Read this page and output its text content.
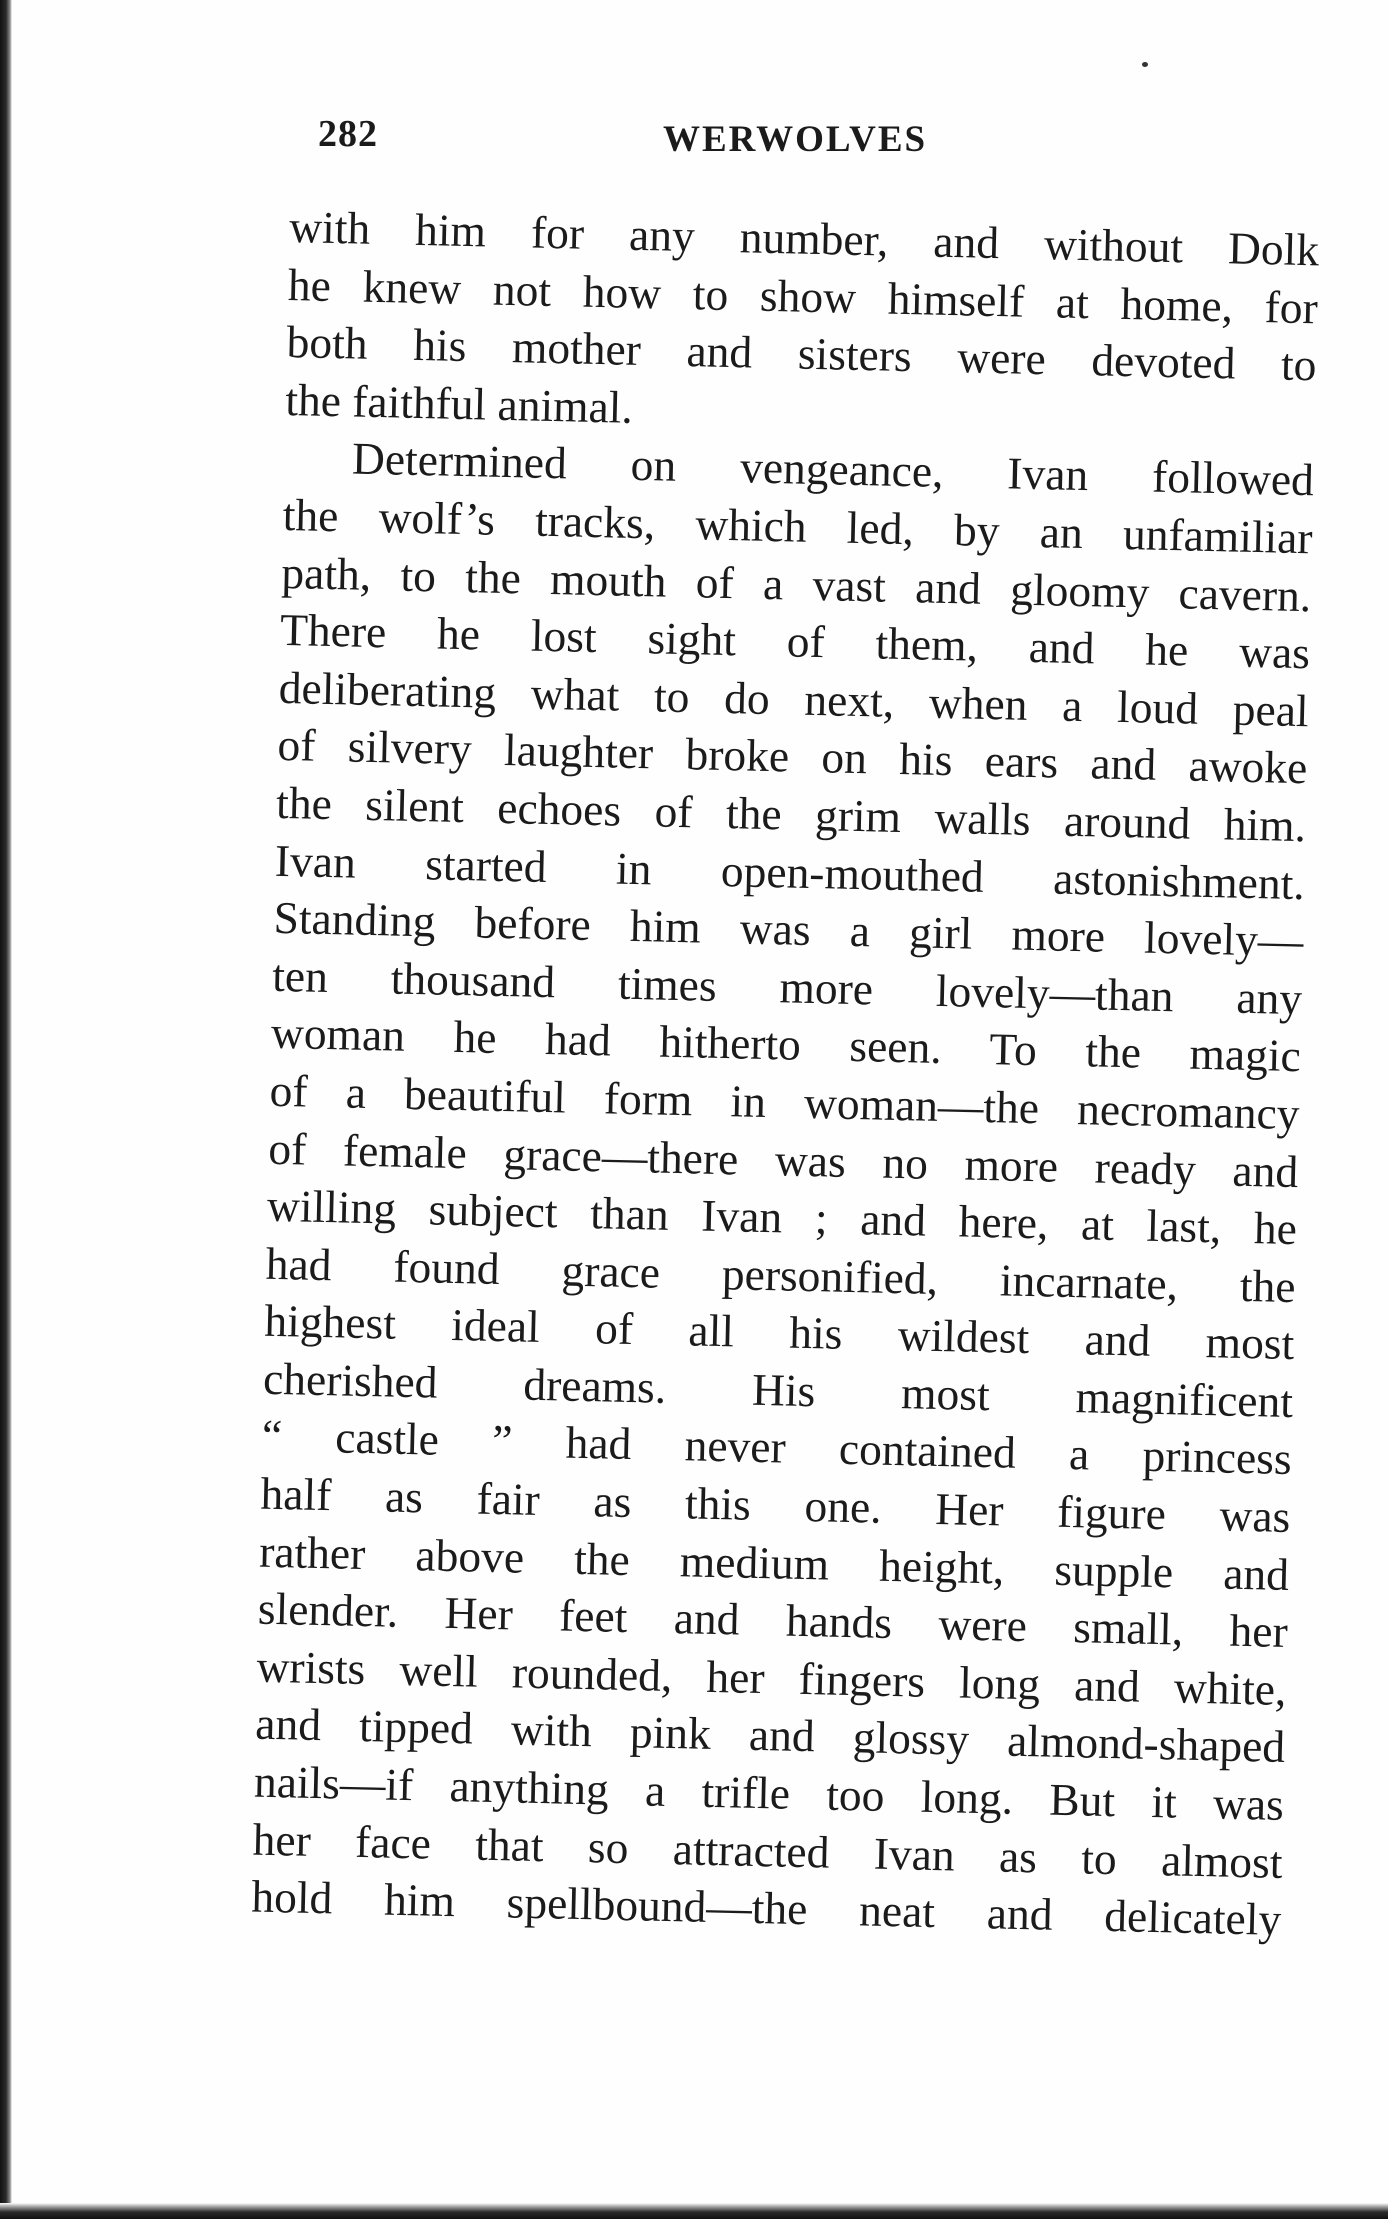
282	WERWOLVES
with him for any number, and without Dolk
he knew not how to show himself at home, for
both his mother and sisters were devoted to
the faithful animal.
Determined on vengeance, Ivan followed
the wolf’s tracks, which led, by an unfamiliar
path, to the mouth of a vast and gloomy cavern.
There he lost sight of them, and he was
deliberating what to do next, when a loud peal
of silvery laughter broke on his ears and awoke
the silent echoes of the grim walls around him.
Ivan started in open-mouthed astonishment.
Standing before him was a girl more lovely—
ten thousand times more lovely—than any
woman he had hitherto seen. To the magic
of a beautiful form in woman—the necromancy
of female grace—there was no more ready and
willing subject than Ivan ; and here, at last, he
had found grace personified, incarnate, the
highest ideal of all his wildest and most
cherished dreams. His most magnificent
“ castle ” had never contained a princess
half as fair as this one. Her figure was
rather above the medium height, supple and
slender. Her feet and hands were small, her
wrists well rounded, her fingers long and white,
and tipped with pink and glossy almond-shaped
nails—if anything a trifle too long. But it was
her face that so attracted Ivan as to almost
hold him spellbound—the neat and delicately
